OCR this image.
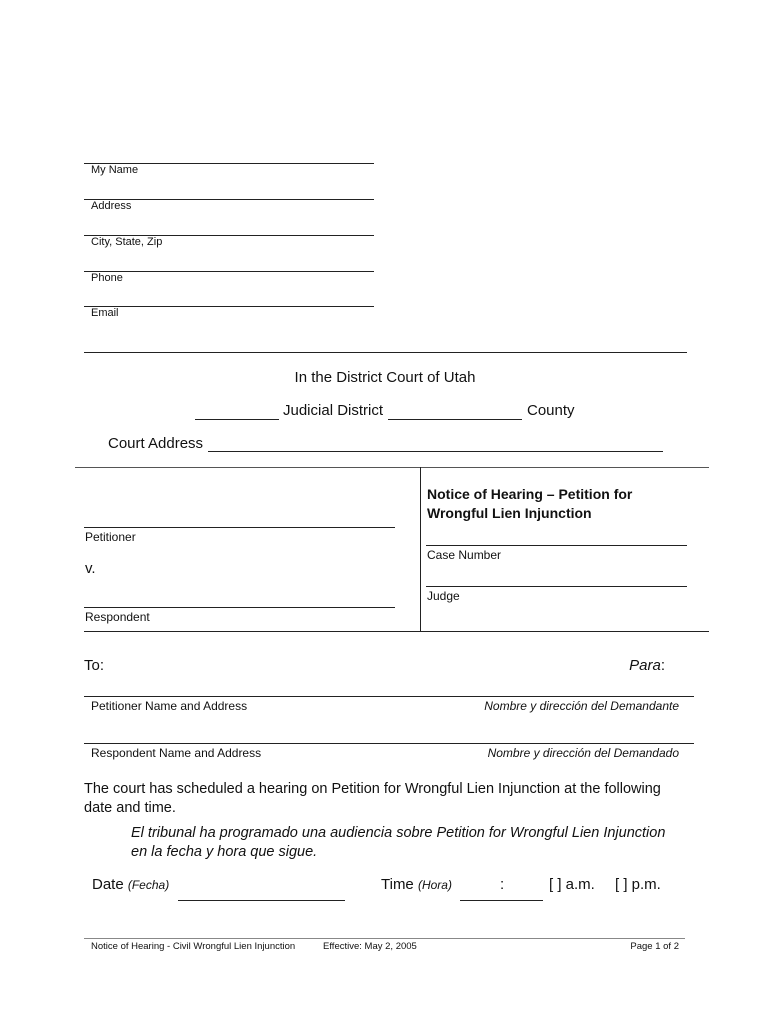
My Name
Address
City, State, Zip
Phone
Email
In the District Court of Utah
Judicial District	County
Court Address
Petitioner
v.
Respondent
Notice of Hearing – Petition for
Wrongful Lien Injunction
Case Number
Judge
To:	Para:
Petitioner Name and Address	Nombre y dirección del Demandante
Respondent Name and Address	Nombre y dirección del Demandado
The court has scheduled a hearing on Petition for Wrongful Lien Injunction at the following
date and time.
El tribunal ha programado una audiencia sobre Petition for Wrongful Lien Injunction
en la fecha y hora que sigue.
Date (Fecha)	Time (Hora)	:	[ ] a.m. [ ] p.m.
Notice of Hearing - Civil Wrongful Lien Injunction	Effective: May 2, 2005	Page 1 of 2
